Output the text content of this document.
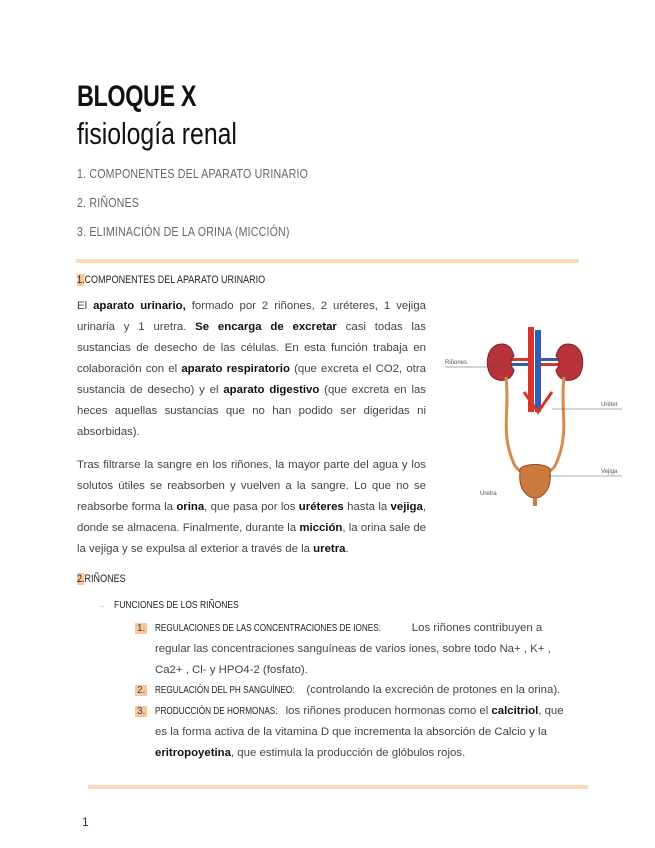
BLOQUE X
fisiología renal
1. COMPONENTES DEL APARATO URINARIO
2. RIÑONES
3. ELIMINACIÓN DE LA ORINA (MICCIÓN)
1.COMPONENTES DEL APARATO URINARIO
El aparato urinario, formado por 2 riñones, 2 uréteres, 1 vejiga urinaria y 1 uretra. Se encarga de excretar casi todas las sustancias de desecho de las células. En esta función trabaja en colaboración con el aparato respiratorio (que excreta el CO2, otra sustancia de desecho) y el aparato digestivo (que excreta en las heces aquellas sustancias que no han podido ser digeridas ni absorbidas).
Tras filtrarse la sangre en los riñones, la mayor parte del agua y los solutos útiles se reabsorben y vuelven a la sangre. Lo que no se reabsorbe forma la orina, que pasa por los uréteres hasta la vejiga, donde se almacena. Finalmente, durante la micción, la orina sale de la vejiga y se expulsa al exterior a través de la uretra.
Riñones
Uréter
Vejiga
Uretra
2.RIÑONES
→ FUNCIONES DE LOS RIÑONES
1. REGULACIONES DE LAS CONCENTRACIONES DE IONES: Los riñones contribuyen a regular las concentraciones sanguíneas de varios iones, sobre todo Na+ , K+ , Ca2+ , Cl- y HPO4-2 (fosfato).
2. REGULACIÓN DEL PH SANGUÍNEO: (controlando la excreción de protones en la orina).
3. PRODUCCIÓN DE HORMONAS: los riñones producen hormonas como el calcitriol, que es la forma activa de la vitamina D que incrementa la absorción de Calcio y la eritropoyetina, que estimula la producción de glóbulos rojos.
1
